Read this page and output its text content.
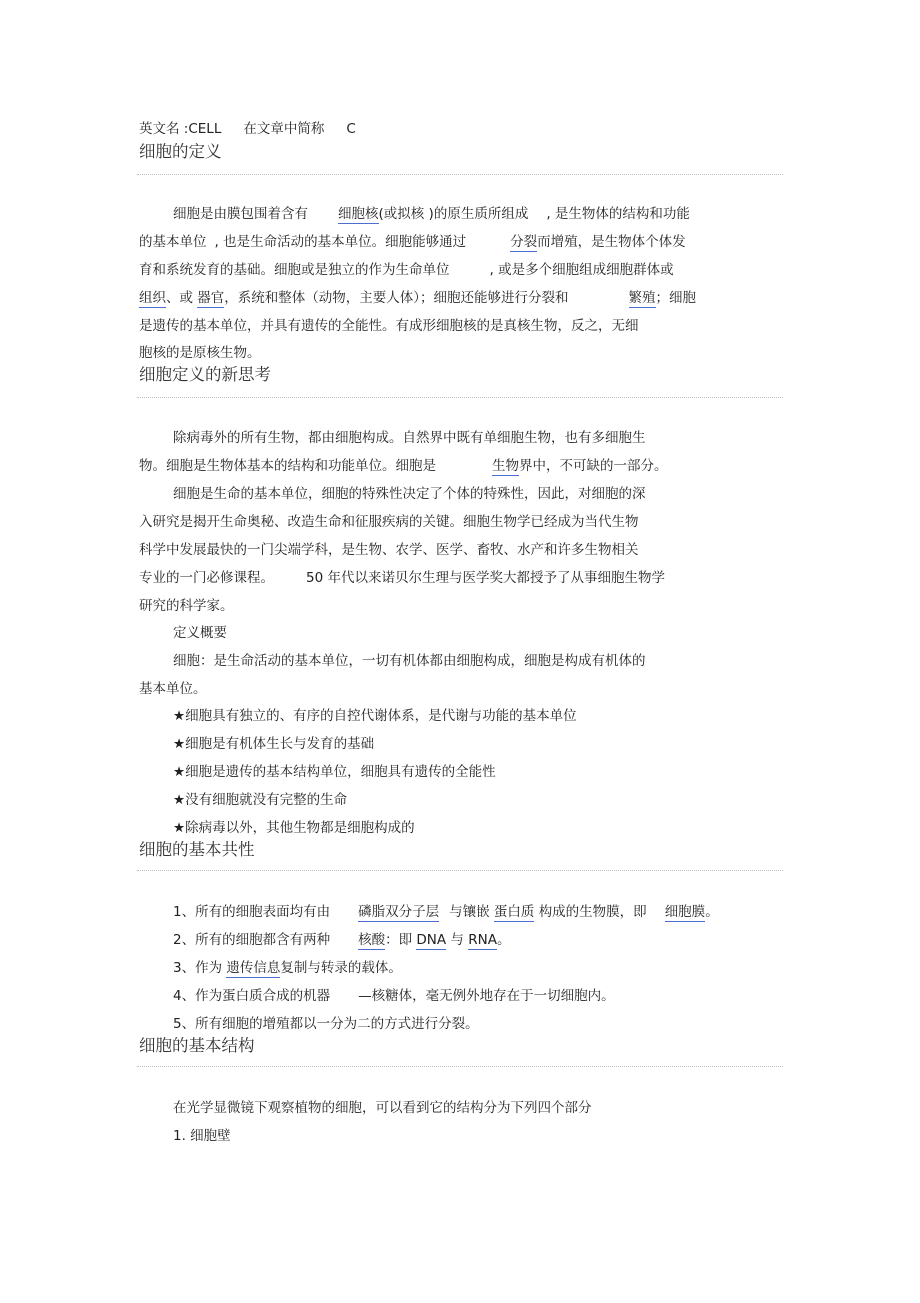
英文名 :CELL 在文章中简称 C
细胞的定义
细胞是由膜包围着含有 细胞核(或拟核 )的原生质所组成 , 是生物体的结构和功能
的基本单位 , 也是生命活动的基本单位。细胞能够通过	分裂而增殖，是生物体个体发
育和系统发育的基础。细胞或是独立的作为生命单位	, 或是多个细胞组成细胞群体或
组织、或 器官，系统和整体（动物，主要人体）；细胞还能够进行分裂和	繁殖；细胞
是遗传的基本单位，并具有遗传的全能性。有成形细胞核的是真核生物，反之，无细
胞核的是原核生物。
细胞定义的新思考
除病毒外的所有生物，都由细胞构成。自然界中既有单细胞生物，也有多细胞生
物。细胞是生物体基本的结构和功能单位。细胞是	生物界中，不可缺的一部分。
细胞是生命的基本单位，细胞的特殊性决定了个体的特殊性，因此，对细胞的深
入研究是揭开生命奥秘、改造生命和征服疾病的关键。细胞生物学已经成为当代生物
科学中发展最快的一门尖端学科，是生物、农学、医学、畜牧、水产和许多生物相关
专业的一门必修课程。 50 年代以来诺贝尔生理与医学奖大都授予了从事细胞生物学
研究的科学家。
定义概要
细胞：是生命活动的基本单位，一切有机体都由细胞构成，细胞是构成有机体的
基本单位。
★细胞具有独立的、有序的自控代谢体系，是代谢与功能的基本单位
★细胞是有机体生长与发育的基础
★细胞是遗传的基本结构单位，细胞具有遗传的全能性
★没有细胞就没有完整的生命
★除病毒以外，其他生物都是细胞构成的
细胞的基本共性
1、所有的细胞表面均有由 磷脂双分子层 与镶嵌 蛋白质 构成的生物膜，即 细胞膜。
2、所有的细胞都含有两种 核酸：即 DNA 与 RNA。
3、作为 遗传信息复制与转录的载体。
4、作为蛋白质合成的机器 —核糖体，毫无例外地存在于一切细胞内。
5、所有细胞的增殖都以一分为二的方式进行分裂。
细胞的基本结构
在光学显微镜下观察植物的细胞，可以看到它的结构分为下列四个部分
1. 细胞壁
